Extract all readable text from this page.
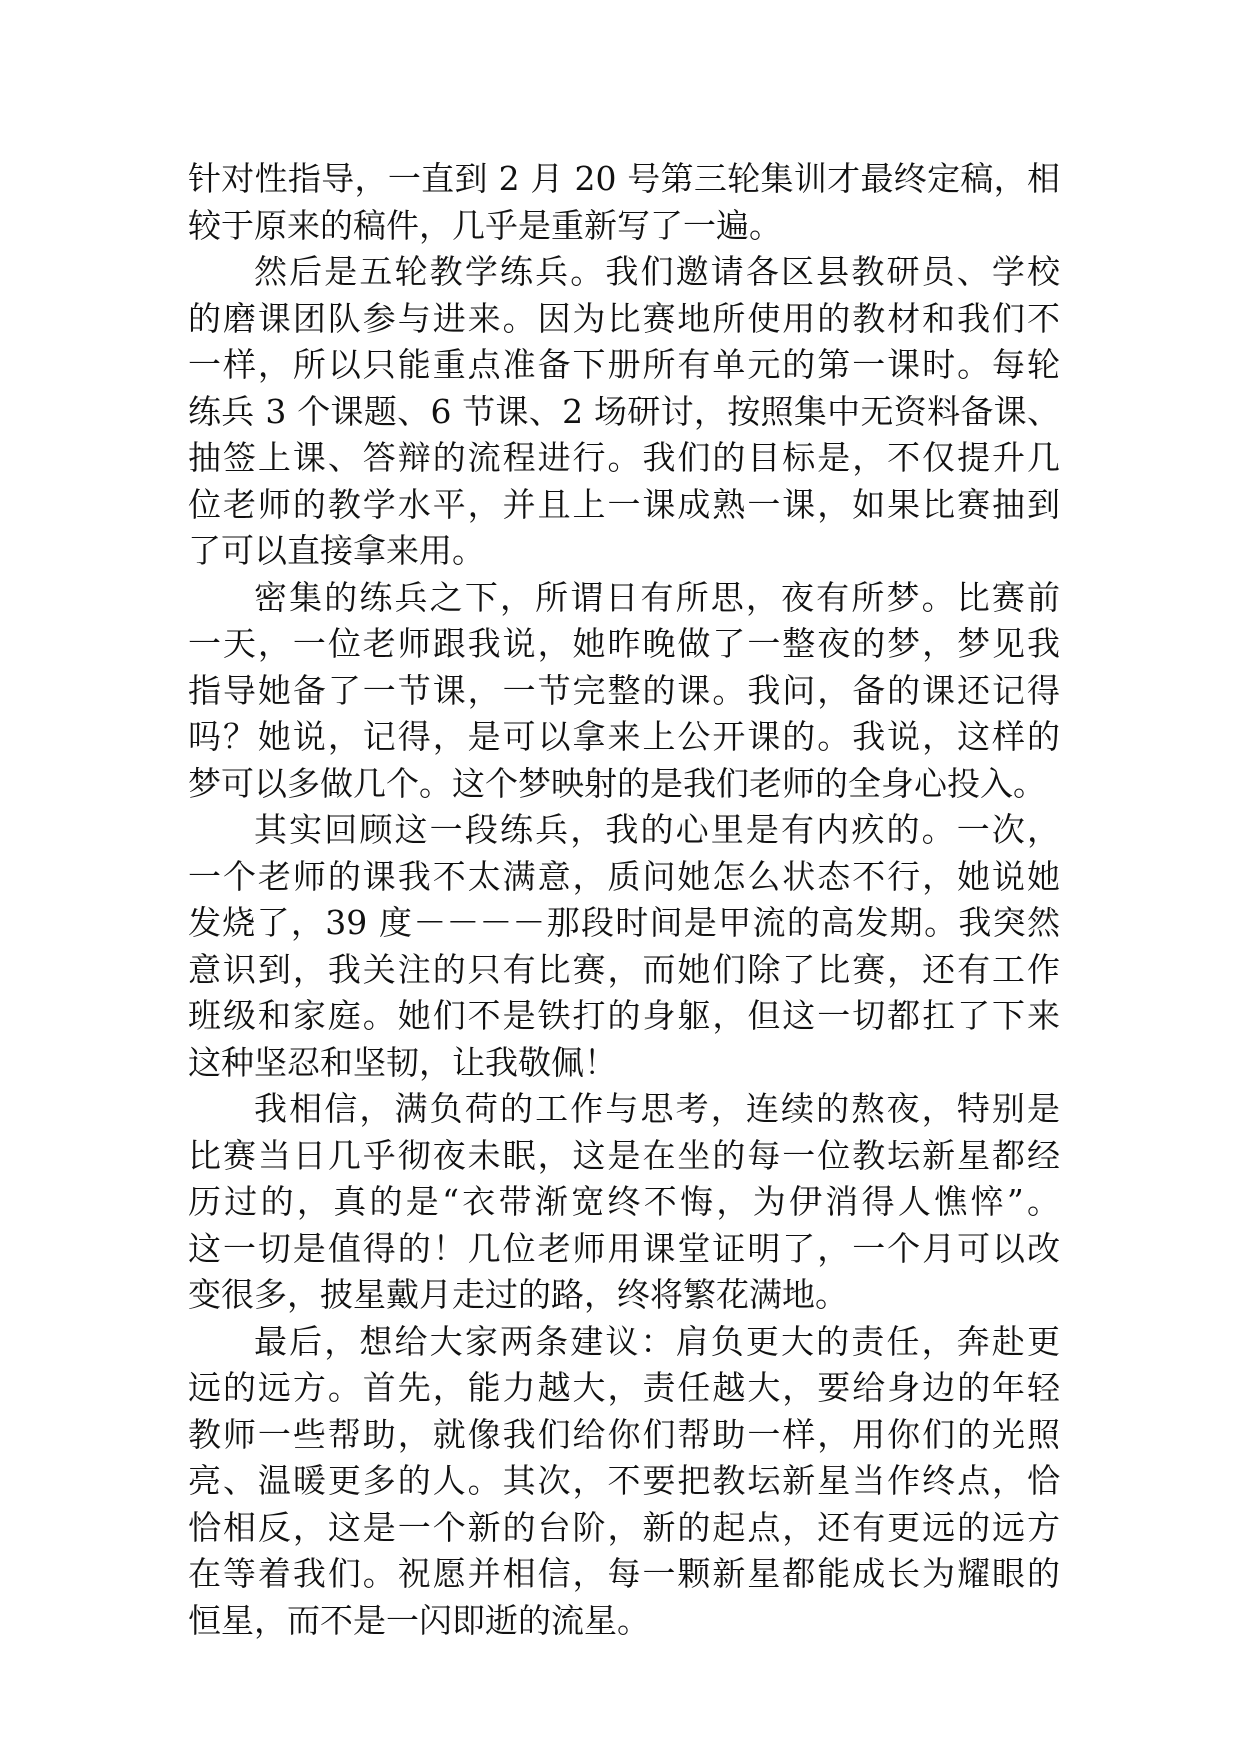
针对性指导，一直到 2 月 20 号第三轮集训才最终定稿，相
较于原来的稿件，几乎是重新写了一遍。
然后是五轮教学练兵。我们邀请各区县教研员、学校
的磨课团队参与进来。因为比赛地所使用的教材和我们不
一样，所以只能重点准备下册所有单元的第一课时。每轮
练兵 3 个课题、6 节课、2 场研讨，按照集中无资料备课、
抽签上课、答辩的流程进行。我们的目标是，不仅提升几
位老师的教学水平，并且上一课成熟一课，如果比赛抽到
了可以直接拿来用。
密集的练兵之下，所谓日有所思，夜有所梦。比赛前
一天，一位老师跟我说，她昨晚做了一整夜的梦，梦见我
指导她备了一节课，一节完整的课。我问，备的课还记得
吗？她说，记得，是可以拿来上公开课的。我说，这样的
梦可以多做几个。这个梦映射的是我们老师的全身心投入。
其实回顾这一段练兵，我的心里是有内疚的。一次，
一个老师的课我不太满意，质问她怎么状态不行，她说她
发烧了，39 度－－－－那段时间是甲流的高发期。我突然
意识到，我关注的只有比赛，而她们除了比赛，还有工作
班级和家庭。她们不是铁打的身躯，但这一切都扛了下来
这种坚忍和坚韧，让我敬佩！
我相信，满负荷的工作与思考，连续的熬夜，特别是
比赛当日几乎彻夜未眠，这是在坐的每一位教坛新星都经
历过的，真的是“衣带渐宽终不悔，为伊消得人憔悴”。
这一切是值得的！几位老师用课堂证明了，一个月可以改
变很多，披星戴月走过的路，终将繁花满地。
最后，想给大家两条建议：肩负更大的责任，奔赴更
远的远方。首先，能力越大，责任越大，要给身边的年轻
教师一些帮助，就像我们给你们帮助一样，用你们的光照
亮、温暖更多的人。其次，不要把教坛新星当作终点，恰
恰相反，这是一个新的台阶，新的起点，还有更远的远方
在等着我们。祝愿并相信，每一颗新星都能成长为耀眼的
恒星，而不是一闪即逝的流星。
